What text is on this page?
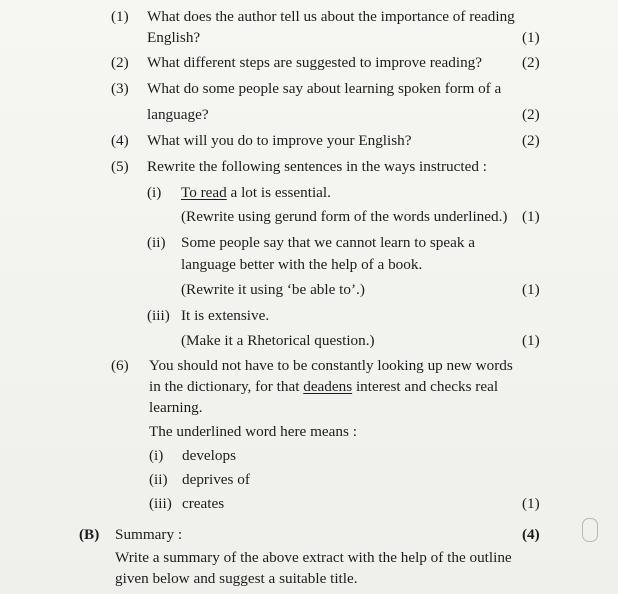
(1) What does the author tell us about the importance of reading
English?	(1)
(2) What different steps are suggested to improve reading?	(2)
(3) What do some people say about learning spoken form of a
language?	(2)
(4) What will you do to improve your English?	(2)
(5) Rewrite the following sentences in the ways instructed :
(i) To read a lot is essential.
(Rewrite using gerund form of the words underlined.) (1)
(ii) Some people say that we cannot learn to speak a
language better with the help of a book.
(Rewrite it using ‘be able to’.)	(1)
(iii) It is extensive.
(Make it a Rhetorical question.)	(1)
(6) You should not have to be constantly looking up new words
in the dictionary, for that deadens interest and checks real
learning.
The underlined word here means :
(i) develops
(ii) deprives of
(iii) creates	(1)
(B) Summary :	(4)
Write a summary of the above extract with the help of the outline
given below and suggest a suitable title.
